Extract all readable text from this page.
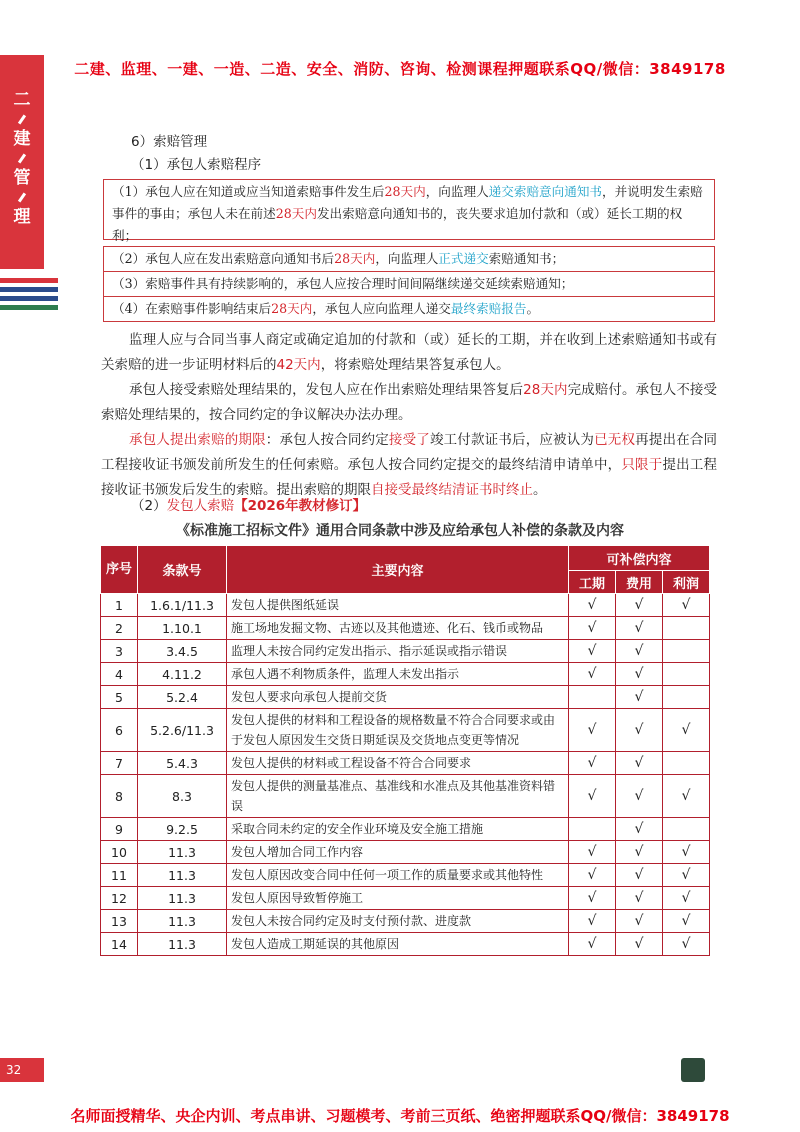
二建、监理、一建、一造、二造、安全、消防、咨询、检测课程押题联系QQ/微信：3849178
二
建
管
理
6）索赔管理
（1）承包人索赔程序
（1）承包人应在知道或应当知道索赔事件发生后28天内，向监理人递交索赔意向通知书，并说明发生索赔事件的事由；承包人未在前述28天内发出索赔意向通知书的，丧失要求追加付款和（或）延长工期的权利；
（2）承包人应在发出索赔意向通知书后28天内，向监理人正式递交索赔通知书；
（3）索赔事件具有持续影响的，承包人应按合理时间间隔继续递交延续索赔通知；
（4）在索赔事件影响结束后28天内，承包人应向监理人递交最终索赔报告。
监理人应与合同当事人商定或确定追加的付款和（或）延长的工期，并在收到上述索赔通知书或有关索赔的进一步证明材料后的42天内，将索赔处理结果答复承包人。
承包人接受索赔处理结果的，发包人应在作出索赔处理结果答复后28天内完成赔付。承包人不接受索赔处理结果的，按合同约定的争议解决办法办理。
承包人提出索赔的期限：承包人按合同约定接受了竣工付款证书后，应被认为已无权再提出在合同工程接收证书颁发前所发生的任何索赔。承包人按合同约定提交的最终结清申请单中，只限于提出工程接收证书颁发后发生的索赔。提出索赔的期限自接受最终结清证书时终止。
（2）发包人索赔【2026年教材修订】
《标准施工招标文件》通用合同条款中涉及应给承包人补偿的条款及内容
序号	条款号	主要内容	可补偿内容		
			工期	费用	利润
1	1.6.1/11.3	发包人提供图纸延误	√	√	√
2	1.10.1	施工场地发掘文物、古迹以及其他遗迹、化石、钱币或物品	√	√	
3	3.4.5	监理人未按合同约定发出指示、指示延误或指示错误	√	√	
4	4.11.2	承包人遇不利物质条件，监理人未发出指示	√	√	
5	5.2.4	发包人要求向承包人提前交货		√	
6	5.2.6/11.3	发包人提供的材料和工程设备的规格数量不符合合同要求或由于发包人原因发生交货日期延误及交货地点变更等情况	√	√	√
7	5.4.3	发包人提供的材料或工程设备不符合合同要求	√	√	
8	8.3	发包人提供的测量基准点、基准线和水准点及其他基准资料错误	√	√	√
9	9.2.5	采取合同未约定的安全作业环境及安全施工措施		√	
10	11.3	发包人增加合同工作内容	√	√	√
11	11.3	发包人原因改变合同中任何一项工作的质量要求或其他特性	√	√	√
12	11.3	发包人原因导致暂停施工	√	√	√
13	11.3	发包人未按合同约定及时支付预付款、进度款	√	√	√
14	11.3	发包人造成工期延误的其他原因	√	√	√
32
名师面授精华、央企内训、考点串讲、习题模考、考前三页纸、绝密押题联系QQ/微信：3849178
